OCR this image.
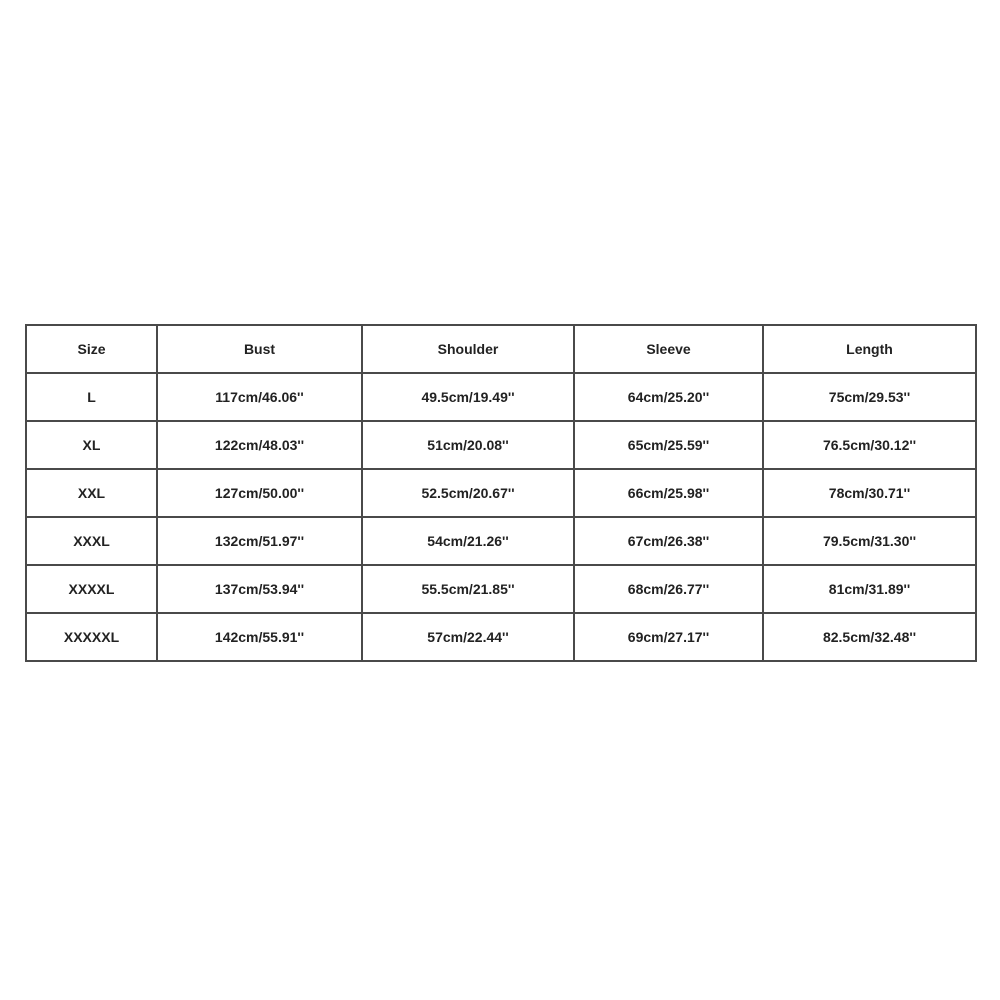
Size	Bust	Shoulder	Sleeve	Length
L	117cm/46.06''	49.5cm/19.49''	64cm/25.20''	75cm/29.53''
XL	122cm/48.03''	51cm/20.08''	65cm/25.59''	76.5cm/30.12''
XXL	127cm/50.00''	52.5cm/20.67''	66cm/25.98''	78cm/30.71''
XXXL	132cm/51.97''	54cm/21.26''	67cm/26.38''	79.5cm/31.30''
XXXXL	137cm/53.94''	55.5cm/21.85''	68cm/26.77''	81cm/31.89''
XXXXXL	142cm/55.91''	57cm/22.44''	69cm/27.17''	82.5cm/32.48''
